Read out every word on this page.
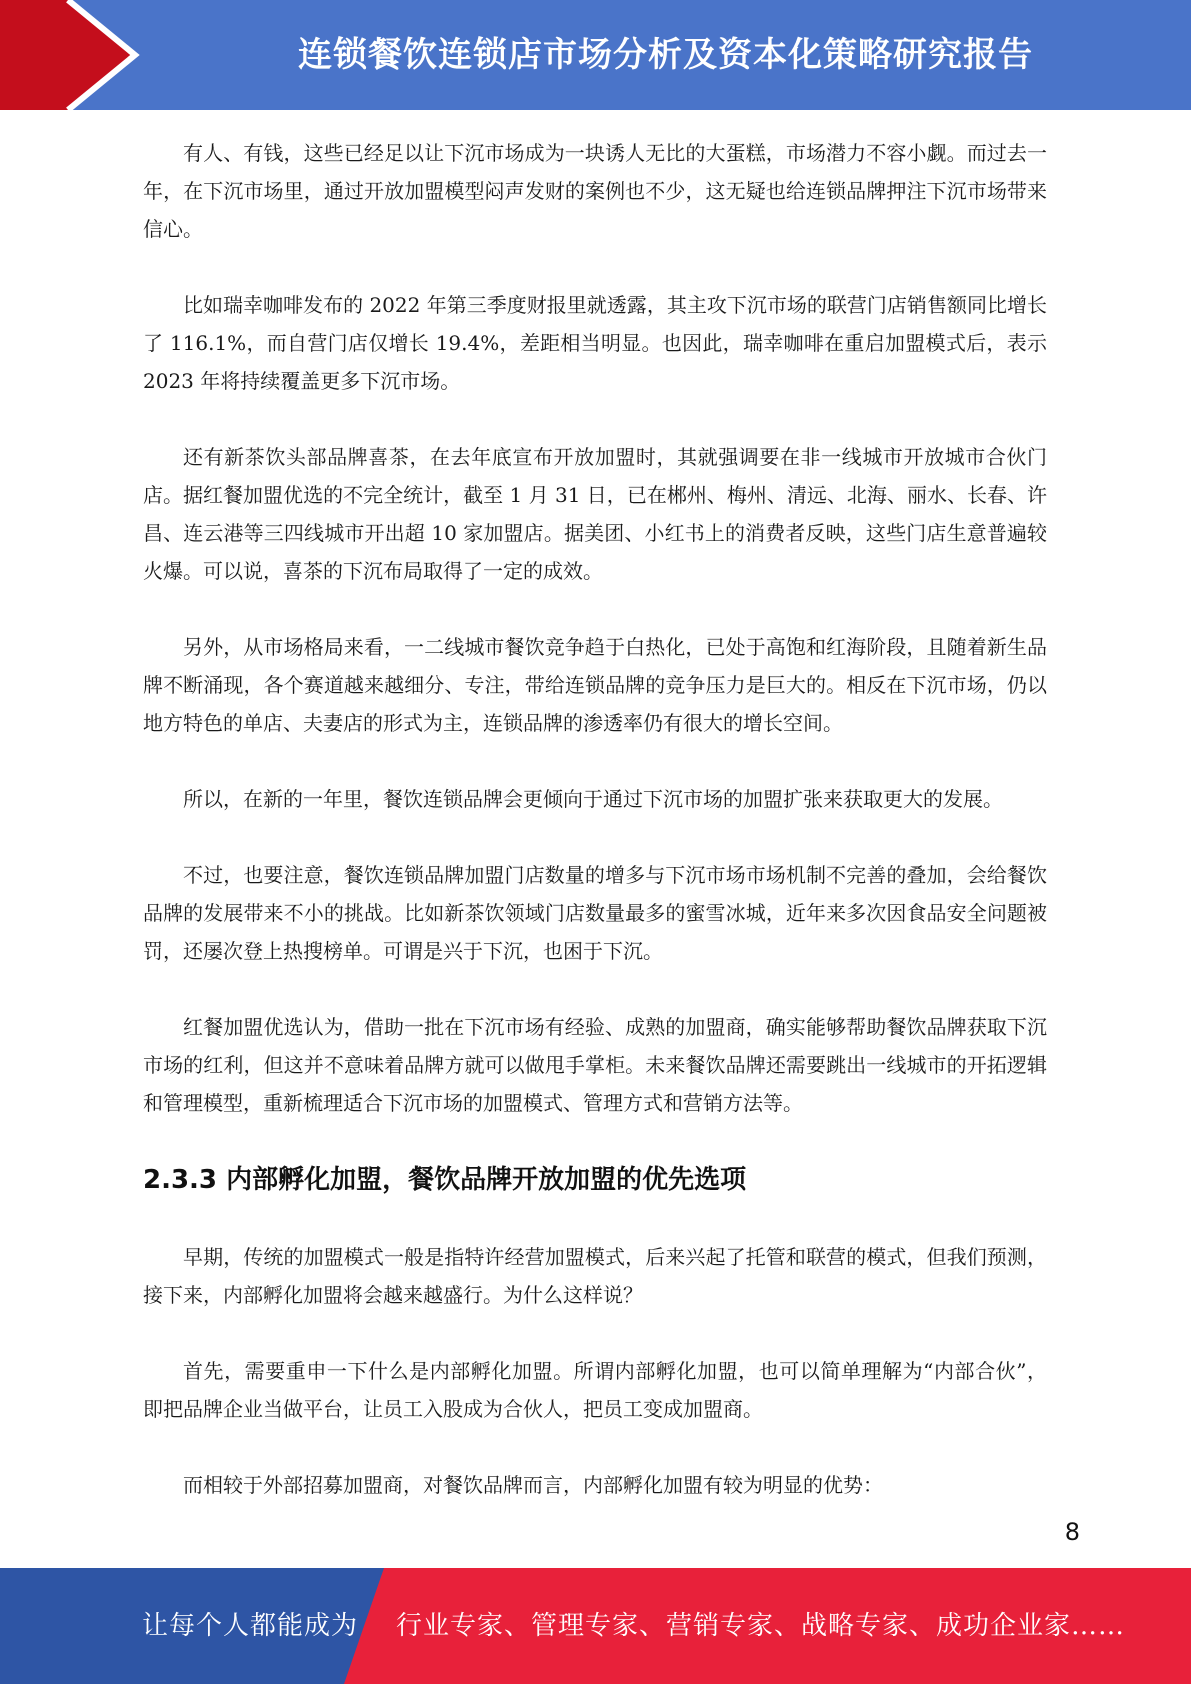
连锁餐饮连锁店市场分析及资本化策略研究报告

有人、有钱，这些已经足以让下沉市场成为一块诱人无比的大蛋糕，市场潜力不容小觑。而过去一年，在下沉市场里，通过开放加盟模型闷声发财的案例也不少，这无疑也给连锁品牌押注下沉市场带来信心。

比如瑞幸咖啡发布的 2022 年第三季度财报里就透露，其主攻下沉市场的联营门店销售额同比增长了 116.1%，而自营门店仅增长 19.4%，差距相当明显。也因此，瑞幸咖啡在重启加盟模式后，表示 2023 年将持续覆盖更多下沉市场。

还有新茶饮头部品牌喜茶，在去年底宣布开放加盟时，其就强调要在非一线城市开放城市合伙门店。据红餐加盟优选的不完全统计，截至 1 月 31 日，已在郴州、梅州、清远、北海、丽水、长春、许昌、连云港等三四线城市开出超 10 家加盟店。据美团、小红书上的消费者反映，这些门店生意普遍较火爆。可以说，喜茶的下沉布局取得了一定的成效。

另外，从市场格局来看，一二线城市餐饮竞争趋于白热化，已处于高饱和红海阶段，且随着新生品牌不断涌现，各个赛道越来越细分、专注，带给连锁品牌的竞争压力是巨大的。相反在下沉市场，仍以地方特色的单店、夫妻店的形式为主，连锁品牌的渗透率仍有很大的增长空间。

所以，在新的一年里，餐饮连锁品牌会更倾向于通过下沉市场的加盟扩张来获取更大的发展。

不过，也要注意，餐饮连锁品牌加盟门店数量的增多与下沉市场市场机制不完善的叠加，会给餐饮品牌的发展带来不小的挑战。比如新茶饮领域门店数量最多的蜜雪冰城，近年来多次因食品安全问题被罚，还屡次登上热搜榜单。可谓是兴于下沉，也困于下沉。

红餐加盟优选认为，借助一批在下沉市场有经验、成熟的加盟商，确实能够帮助餐饮品牌获取下沉市场的红利，但这并不意味着品牌方就可以做甩手掌柜。未来餐饮品牌还需要跳出一线城市的开拓逻辑和管理模型，重新梳理适合下沉市场的加盟模式、管理方式和营销方法等。

2.3.3 内部孵化加盟，餐饮品牌开放加盟的优先选项

早期，传统的加盟模式一般是指特许经营加盟模式，后来兴起了托管和联营的模式，但我们预测，接下来，内部孵化加盟将会越来越盛行。为什么这样说？

首先，需要重申一下什么是内部孵化加盟。所谓内部孵化加盟，也可以简单理解为“内部合伙”， 即把品牌企业当做平台，让员工入股成为合伙人，把员工变成加盟商。

而相较于外部招募加盟商，对餐饮品牌而言，内部孵化加盟有较为明显的优势：

8
让每个人都能成为 行业专家、管理专家、营销专家、战略专家、成功企业家……
